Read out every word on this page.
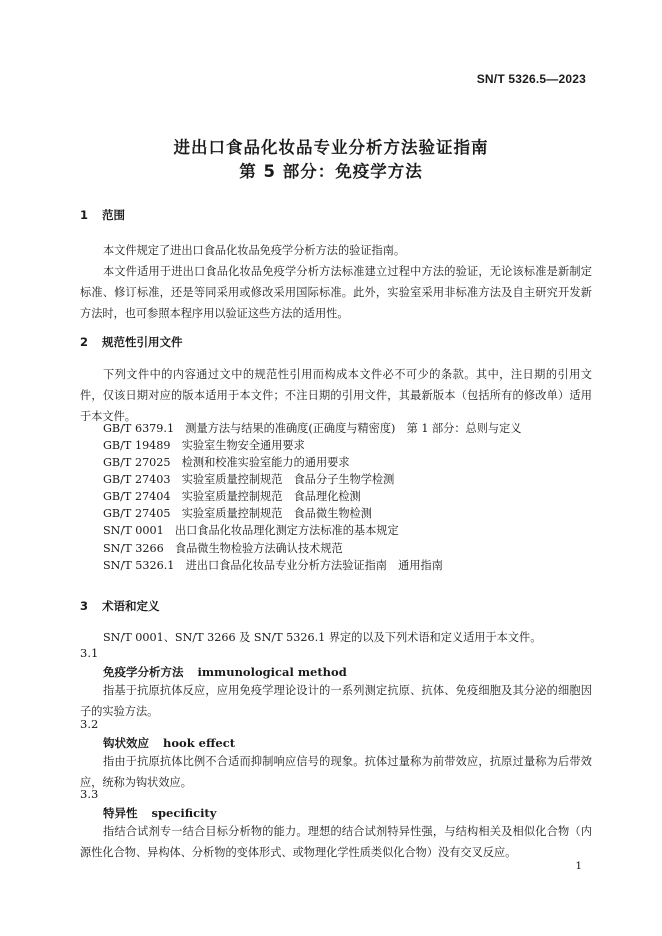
SN/T 5326.5—2023
进出口食品化妆品专业分析方法验证指南
第 5 部分：免疫学方法
1 范围

本文件规定了进出口食品化妆品免疫学分析方法的验证指南。

本文件适用于进出口食品化妆品免疫学分析方法标准建立过程中方法的验证，无论该标准是新制定标准、修订标准，还是等同采用或修改采用国际标准。此外，实验室采用非标准方法及自主研究开发新方法时，也可参照本程序用以验证这些方法的适用性。

2 规范性引用文件

下列文件中的内容通过文中的规范性引用而构成本文件必不可少的条款。其中，注日期的引用文件，仅该日期对应的版本适用于本文件；不注日期的引用文件，其最新版本（包括所有的修改单）适用于本文件。

GB/T 6379.1　测量方法与结果的准确度(正确度与精密度)　第 1 部分：总则与定义
GB/T 19489　实验室生物安全通用要求
GB/T 27025　检测和校准实验室能力的通用要求
GB/T 27403　实验室质量控制规范　食品分子生物学检测
GB/T 27404　实验室质量控制规范　食品理化检测
GB/T 27405　实验室质量控制规范　食品微生物检测
SN/T 0001　出口食品化妆品理化测定方法标准的基本规定
SN/T 3266　食品微生物检验方法确认技术规范
SN/T 5326.1　进出口食品化妆品专业分析方法验证指南　通用指南
3 术语和定义

SN/T 0001、SN/T 3266 及 SN/T 5326.1 界定的以及下列术语和定义适用于本文件。

3.1
免疫学分析方法 immunological method

指基于抗原抗体反应，应用免疫学理论设计的一系列测定抗原、抗体、免疫细胞及其分泌的细胞因子的实验方法。

3.2
钩状效应 hook effect

指由于抗原抗体比例不合适而抑制响应信号的现象。抗体过量称为前带效应，抗原过量称为后带效应，统称为钩状效应。

3.3
特异性 specificity

指结合试剂专一结合目标分析物的能力。理想的结合试剂特异性强，与结构相关及相似化合物（内源性化合物、异构体、分析物的变体形式、或物理化学性质类似化合物）没有交叉反应。

1
